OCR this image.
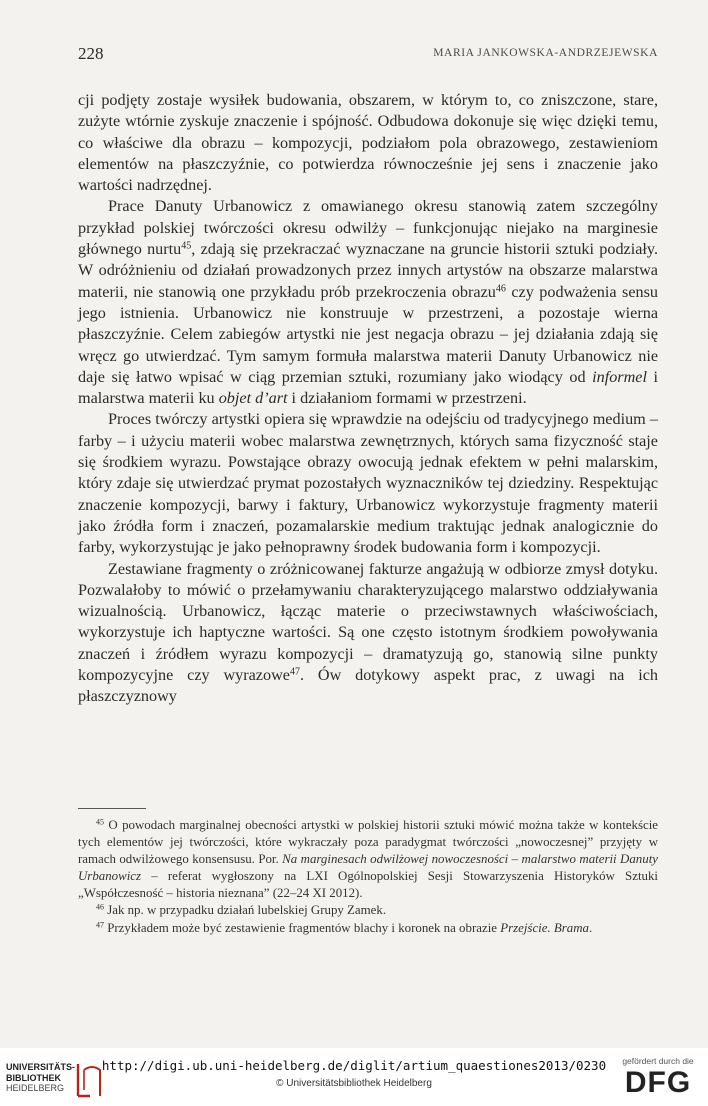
228	MARIA JANKOWSKA-ANDRZEJEWSKA

cji podjęty zostaje wysiłek budowania, obszarem, w którym to, co zniszczone, stare, zużyte wtórnie zyskuje znaczenie i spójność. Odbudowa dokonuje się więc dzięki temu, co właściwe dla obrazu – kompozycji, podziałom pola obrazowego, zestawieniom elementów na płaszczyźnie, co potwierdza równocześnie jej sens i znaczenie jako wartości nadrzędnej.

Prace Danuty Urbanowicz z omawianego okresu stanowią zatem szczególny przykład polskiej twórczości okresu odwilży – funkcjonując niejako na marginesie głównego nurtu$^{45}$, zdają się przekraczać wyznaczane na gruncie historii sztuki podziały. W odróżnieniu od działań prowadzonych przez innych artystów na obszarze malarstwa materii, nie stanowią one przykładu prób przekroczenia obrazu$^{46}$ czy podważenia sensu jego istnienia. Urbanowicz nie konstruuje w przestrzeni, a pozostaje wierna płaszczyźnie. Celem zabiegów artystki nie jest negacja obrazu – jej działania zdają się wręcz go utwierdzać. Tym samym formuła malarstwa materii Danuty Urbanowicz nie daje się łatwo wpisać w ciąg przemian sztuki, rozumiany jako wiodący od informel i malarstwa materii ku objet d’art i działaniom formami w przestrzeni.

Proces twórczy artystki opiera się wprawdzie na odejściu od tradycyjnego medium – farby – i użyciu materii wobec malarstwa zewnętrznych, których sama fizyczność staje się środkiem wyrazu. Powstające obrazy owocują jednak efektem w pełni malarskim, który zdaje się utwierdzać prymat pozostałych wyznaczników tej dziedziny. Respektując znaczenie kompozycji, barwy i faktury, Urbanowicz wykorzystuje fragmenty materii jako źródła form i znaczeń, pozamalarskie medium traktując jednak analogicznie do farby, wykorzystując je jako pełnoprawny środek budowania form i kompozycji.

Zestawiane fragmenty o zróżnicowanej fakturze angażują w odbiorze zmysł dotyku. Pozwalałoby to mówić o przełamywaniu charakteryzującego malarstwo oddziaływania wizualnością. Urbanowicz, łącząc materie o przeciwstawnych właściwościach, wykorzystuje ich haptyczne wartości. Są one często istotnym środkiem powoływania znaczeń i źródłem wyrazu kompozycji – dramatyzują go, stanowią silne punkty kompozycyjne czy wyrazowe$^{47}$. Ów dotykowy aspekt prac, z uwagi na ich płaszczyznowy

$^{45}$ O powodach marginalnej obecności artystki w polskiej historii sztuki mówić można także w kontekście tych elementów jej twórczości, które wykraczały poza paradygmat twórczości „nowoczesnej” przyjęty w ramach odwilżowego konsensusu. Por. Na marginesach odwilżowej nowoczesności – malarstwo materii Danuty Urbanowicz – referat wygłoszony na LXI Ogólnopolskiej Sesji Stowarzyszenia Historyków Sztuki „Współczesność – historia nieznana” (22–24 XI 2012).

$^{46}$ Jak np. w przypadku działań lubelskiej Grupy Zamek.

$^{47}$ Przykładem może być zestawienie fragmentów blachy i koronek na obrazie Przejście. Brama.

UNIVERSITÄTS-
BIBLIOTHEK
HEIDELBERG
http://digi.ub.uni-heidelberg.de/diglit/artium_quaestiones2013/0230
© Universitätsbibliothek Heidelberg
gefördert durch die
DFG
